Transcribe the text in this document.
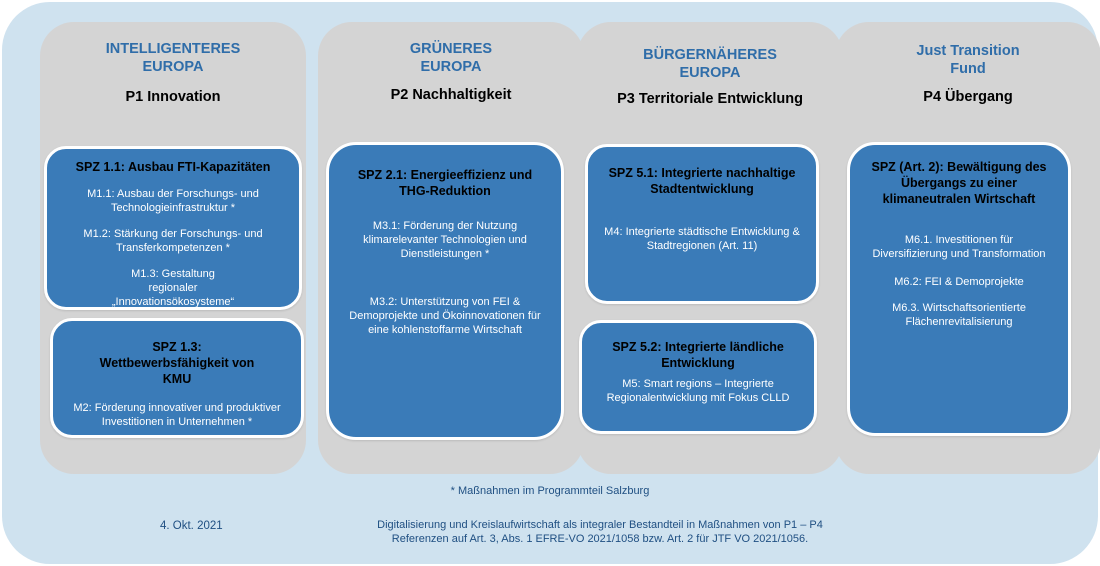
INTELLIGENTERES EUROPA
P1 Innovation
SPZ 1.1: Ausbau FTI-Kapazitäten
M1.1: Ausbau der Forschungs- und Technologieinfrastruktur *
M1.2: Stärkung der Forschungs- und Transferkompetenzen *
M1.3: Gestaltung regionaler „Innovationsökosysteme“
SPZ 1.3: Wettbewerbsfähigkeit von KMU
M2: Förderung innovativer und produktiver Investitionen in Unternehmen *
GRÜNERES EUROPA
P2 Nachhaltigkeit
SPZ 2.1: Energieeffizienz und THG-Reduktion
M3.1: Förderung der Nutzung klimarelevanter Technologien und Dienstleistungen *
M3.2: Unterstützung von FEI & Demoprojekte und Ökoinnovationen für eine kohlenstoffarme Wirtschaft
BÜRGERNÄHERES EUROPA
P3 Territoriale Entwicklung
SPZ 5.1: Integrierte nachhaltige Stadtentwicklung
M4: Integrierte städtische Entwicklung & Stadtregionen (Art. 11)
SPZ 5.2: Integrierte ländliche Entwicklung
M5: Smart regions – Integrierte Regionalentwicklung mit Fokus CLLD
Just Transition Fund
P4 Übergang
SPZ (Art. 2): Bewältigung des Übergangs zu einer klimaneutralen Wirtschaft
M6.1. Investitionen für Diversifizierung und Transformation
M6.2: FEI & Demoprojekte
M6.3. Wirtschaftsorientierte Flächenrevitalisierung
* Maßnahmen im Programmteil Salzburg
4. Okt. 2021	Digitalisierung und Kreislaufwirtschaft als integraler Bestandteil in Maßnahmen von P1 – P4
Referenzen auf Art. 3, Abs. 1 EFRE-VO 2021/1058 bzw. Art. 2 für JTF VO 2021/1056.
